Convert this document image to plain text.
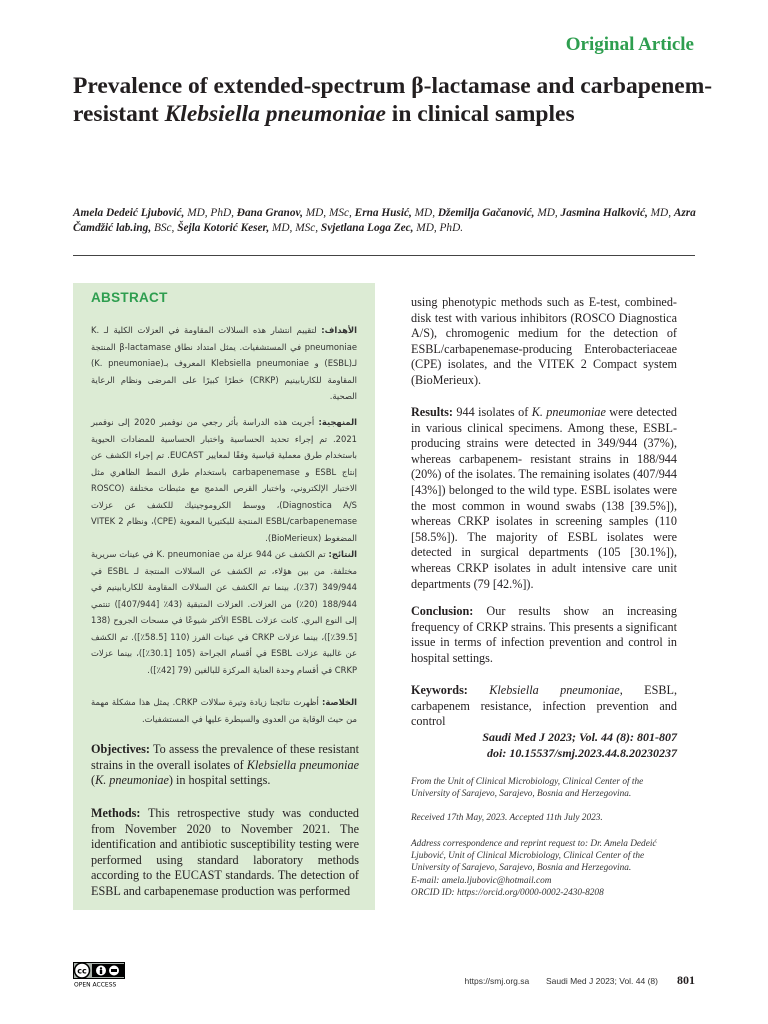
Original Article
Prevalence of extended-spectrum β-lactamase and carbapenem-resistant Klebsiella pneumoniae in clinical samples
Amela Dedeić Ljubović, MD, PhD, Đana Granov, MD, MSc, Erna Husić, MD, Džemilja Gačanović, MD, Jasmina Halković, MD, Azra Čamdžić lab.ing, BSc, Šejla Kotorić Keser, MD, MSc, Svjetlana Loga Zec, MD, PhD.
ABSTRACT
الأهداف: لتقييم انتشار هذه السلالات المقاومة في العزلات الكلية لـ K. pneumoniae في المستشفيات. يمثل امتداد نطاق β-lactamase المنتجة لـ(ESBL) و Klebsiella pneumoniae المعروف بـ(K. pneumoniae) المقاومة للكاربابينيم (CRKP) خطرًا كبيرًا على المرضى ونظام الرعاية الصحية.
المنهجية: أجريت هذه الدراسة بأثر رجعي من نوفمبر 2020 إلى نوفمبر 2021. تم إجراء تحديد الحساسية واختبار الحساسية للمضادات الحيوية باستخدام طرق معملية قياسية وفقًا لمعايير EUCAST. تم إجراء الكشف عن إنتاج ESBL و carbapenemase باستخدام طرق النمط الظاهري مثل الاختبار الإلكتروني، واختبار القرص المدمج مع مثبطات مختلفة (ROSCO Diagnostica A/S)، ووسط الكروموجينيك للكشف عن عزلات ESBL/carbapenemase المنتجة للبكتيريا المعوية (CPE)، ونظام VITEK 2 المضغوط (BioMerieux).
النتائج: تم الكشف عن 944 عزلة من K. pneumoniae في عينات سريرية مختلفة. من بين هؤلاء، تم الكشف عن السلالات المنتجة لـ ESBL في 349/944 (37٪)، بينما تم الكشف عن السلالات المقاومة للكاربابينيم في 188/944 (20٪) من العزلات. العزلات المتبقية (43٪ [407/944]) تنتمي إلى النوع البري. كانت عزلات ESBL الأكثر شيوعًا في مسحات الجروح (138 [39.5٪])، بينما عزلات CRKP في عينات الفرز (110 [58.5٪]). تم الكشف عن غالبية عزلات ESBL في أقسام الجراحة (105 [30.1٪])، بينما عزلات CRKP في أقسام وحدة العناية المركزة للبالغين (79 [42٪]).
الخلاصة: أظهرت نتائجنا زيادة وتيرة سلالات CRKP. يمثل هذا مشكلة مهمة من حيث الوقاية من العدوى والسيطرة عليها في المستشفيات.
Objectives: To assess the prevalence of these resistant strains in the overall isolates of Klebsiella pneumoniae (K. pneumoniae) in hospital settings.
Methods: This retrospective study was conducted from November 2020 to November 2021. The identification and antibiotic susceptibility testing were performed using standard laboratory methods according to the EUCAST standards. The detection of ESBL and carbapenemase production was performed
using phenotypic methods such as E-test, combined-disk test with various inhibitors (ROSCO Diagnostica A/S), chromogenic medium for the detection of ESBL/carbapenemase-producing Enterobacteriaceae (CPE) isolates, and the VITEK 2 Compact system (BioMerieux).
Results: 944 isolates of K. pneumoniae were detected in various clinical specimens. Among these, ESBL-producing strains were detected in 349/944 (37%), whereas carbapenem- resistant strains in 188/944 (20%) of the isolates. The remaining isolates (407/944 [43%]) belonged to the wild type. ESBL isolates were the most common in wound swabs (138 [39.5%]), whereas CRKP isolates in screening samples (110 [58.5%]). The majority of ESBL isolates were detected in surgical departments (105 [30.1%]), whereas CRKP isolates in adult intensive care unit departments (79 [42.%]).
Conclusion: Our results show an increasing frequency of CRKP strains. This presents a significant issue in terms of infection prevention and control in hospital settings.
Keywords: Klebsiella pneumoniae, ESBL, carbapenem resistance, infection prevention and control
Saudi Med J 2023; Vol. 44 (8): 801-807
doi: 10.15537/smj.2023.44.8.20230237
From the Unit of Clinical Microbiology, Clinical Center of the University of Sarajevo, Sarajevo, Bosnia and Herzegovina.
Received 17th May, 2023. Accepted 11th July 2023.
Address correspondence and reprint request to: Dr. Amela Dedeić Ljubović, Unit of Clinical Microbiology, Clinical Center of the University of Sarajevo, Sarajevo, Bosnia and Herzegovina.
E-mail: amela.ljubovic@hotmail.com
ORCID ID: https://orcid.org/0000-0002-2430-8208
cc
OPEN ACCESS	https://smj.org.sa Saudi Med J 2023; Vol. 44 (8) 801
